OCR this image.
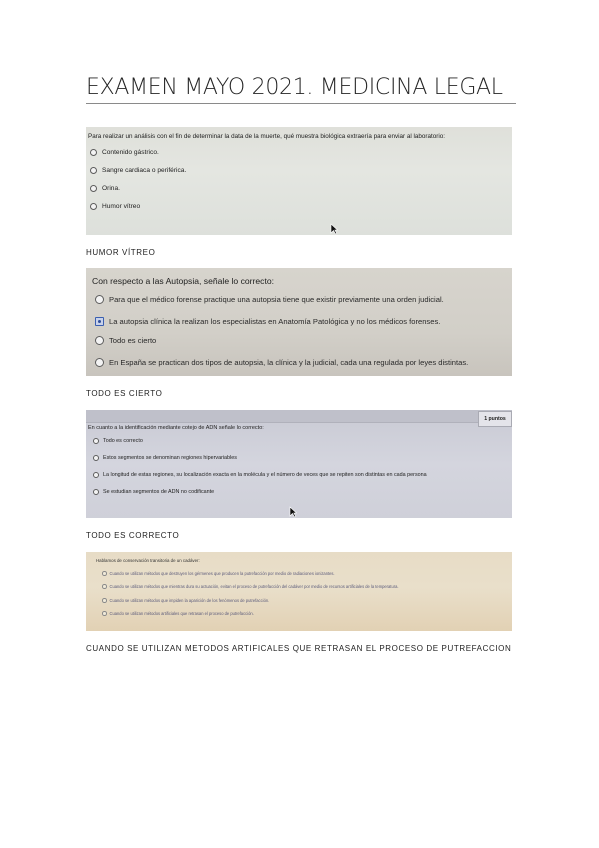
EXAMEN MAYO 2021. MEDICINA LEGAL
Para realizar un análisis con el fin de determinar la data de la muerte, qué muestra biológica extraería para enviar al laboratorio:
Contenido gástrico.
Sangre cardiaca o periférica.
Orina.
Humor vítreo
HUMOR VÍTREO
Con respecto a las Autopsia, señale lo correcto:
Para que el médico forense practique una autopsia tiene que existir previamente una orden judicial.
La autopsia clínica la realizan los especialistas en Anatomía Patológica y no los médicos forenses.
Todo es cierto
En España se practican dos tipos de autopsia, la clínica y la judicial, cada una regulada por leyes distintas.
TODO ES CIERTO
1 puntos
En cuanto a la identificación mediante cotejo de ADN señale lo correcto:
Todo es correcto
Estos segmentos se denominan regiones hipervariables
La longitud de estas regiones, su localización exacta en la molécula y el número de veces que se repiten son distintas en cada persona
Se estudian segmentos de ADN no codificante
TODO ES CORRECTO
Hablamos de conservación transitoria de un cadáver:
Cuando se utilizan métodos que destruyen los gérmenes que producen la putrefacción por medio de radiaciones ionizantes.
Cuando se utilizan métodos que mientras dura su actuación, evitan el proceso de putrefacción del cadáver por medio de recursos artificiales de la temperatura.
Cuando se utilizan métodos que impiden la aparición de los fenómenos de putrefacción.
Cuando se utilizan métodos artificiales que retrasan el proceso de putrefacción.
CUANDO SE UTILIZAN METODOS ARTIFICALES QUE RETRASAN EL PROCESO DE PUTREFACCION
